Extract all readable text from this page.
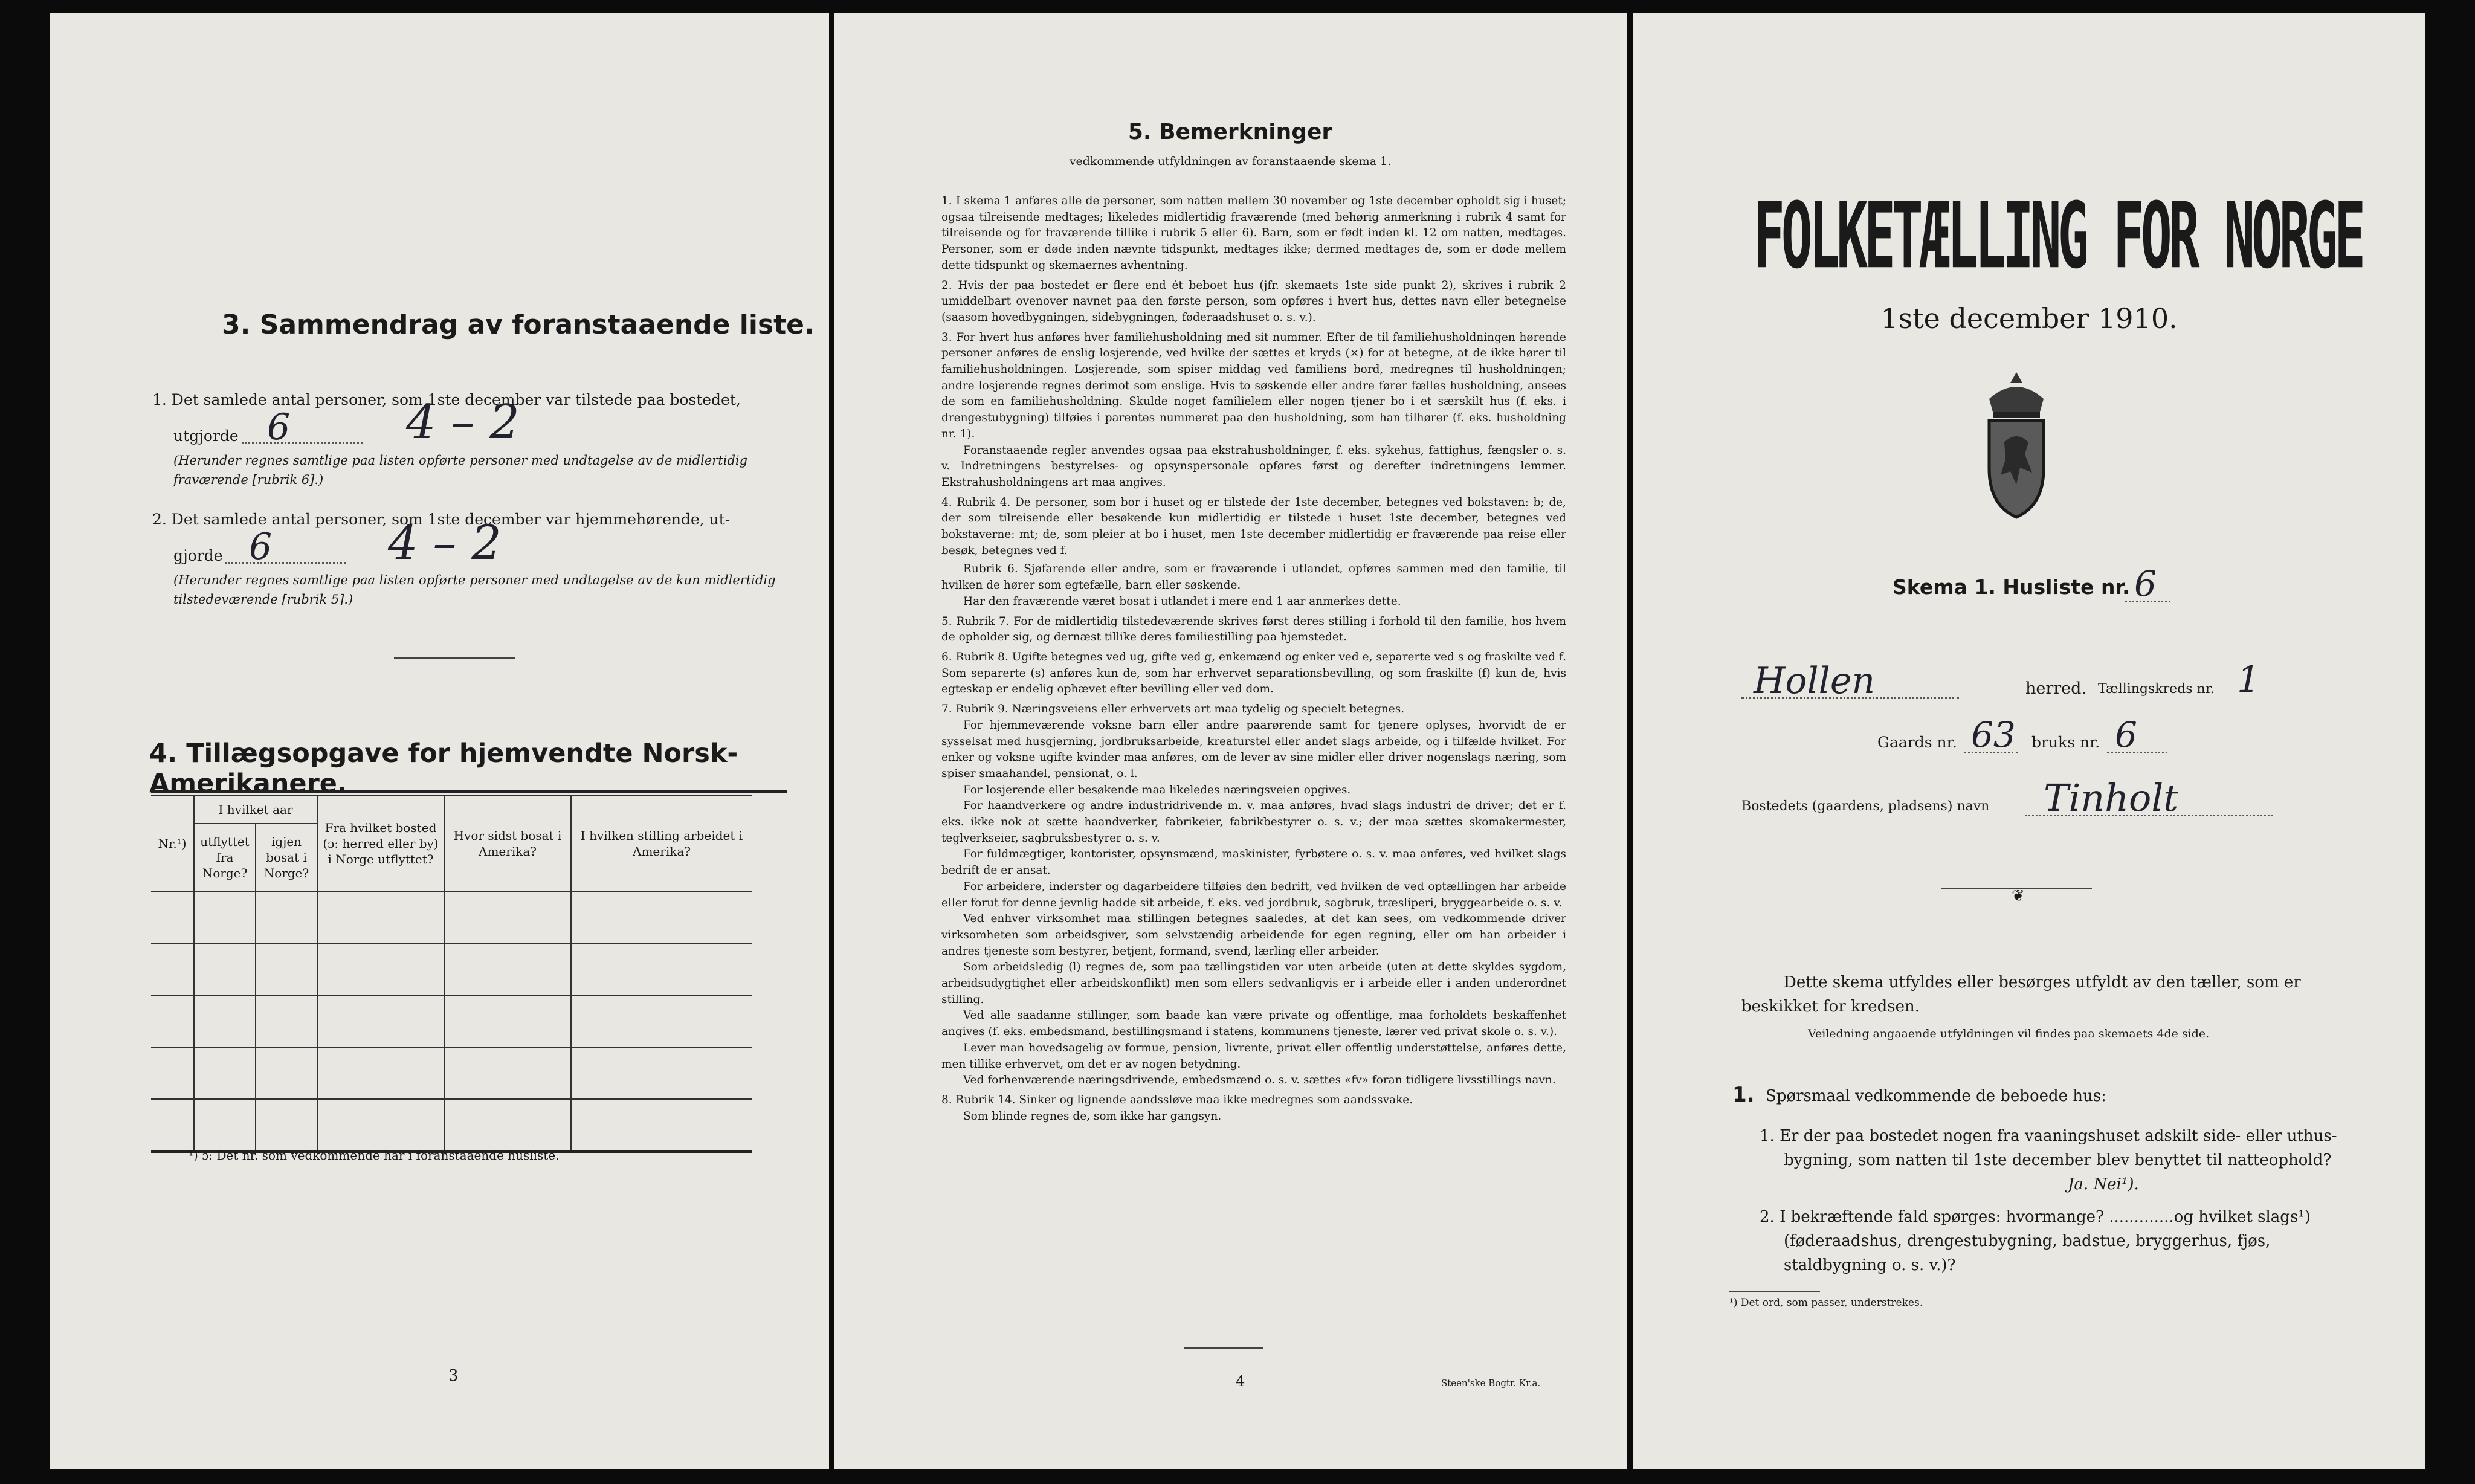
3. Sammendrag av foranstaaende liste.
1. Det samlede antal personer, som 1ste december var tilstede paa bostedet,
utgjorde 6 4 – 2
(Herunder regnes samtlige paa listen opførte personer med undtagelse av de midlertidig fraværende [rubrik 6].)
2. Det samlede antal personer, som 1ste december var hjemmehørende, ut-
gjorde 6 4 – 2
(Herunder regnes samtlige paa listen opførte personer med undtagelse av de kun midlertidig tilstedeværende [rubrik 5].)
4. Tillægsopgave for hjemvendte Norsk-Amerikanere.
Nr.¹)	I hvilket aar		Fra hvilket bosted (ɔ: herred eller by) i Norge utflyttet?	Hvor sidst bosat i Amerika?	I hvilken stilling arbeidet i Amerika?
	utflyttet fra Norge?	igjen bosat i Norge?			

¹) ɔ: Det nr. som vedkommende har i foranstaaende husliste.
3
5. Bemerkninger
vedkommende utfyldningen av foranstaaende skema 1.

1. I skema 1 anføres alle de personer, som natten mellem 30 november og 1ste december opholdt sig i huset; ogsaa tilreisende medtages; likeledes midlertidig fraværende (med behørig anmerkning i rubrik 4 samt for tilreisende og for fraværende tillike i rubrik 5 eller 6). Barn, som er født inden kl. 12 om natten, medtages. Personer, som er døde inden nævnte tidspunkt, medtages ikke; dermed medtages de, som er døde mellem dette tidspunkt og skemaernes avhentning.

2. Hvis der paa bostedet er flere end ét beboet hus (jfr. skemaets 1ste side punkt 2), skrives i rubrik 2 umiddelbart ovenover navnet paa den første person, som opføres i hvert hus, dettes navn eller betegnelse (saasom hovedbygningen, sidebygningen, føderaadshuset o. s. v.).

3. For hvert hus anføres hver familiehusholdning med sit nummer. Efter de til familiehusholdningen hørende personer anføres de enslig losjerende, ved hvilke der sættes et kryds (×) for at betegne, at de ikke hører til familiehusholdningen. Losjerende, som spiser middag ved familiens bord, medregnes til husholdningen; andre losjerende regnes derimot som enslige. Hvis to søskende eller andre fører fælles husholdning, ansees de som en familiehusholdning. Skulde noget familielem eller nogen tjener bo i et særskilt hus (f. eks. i drengestubygning) tilføies i parentes nummeret paa den husholdning, som han tilhører (f. eks. husholdning nr. 1).

Foranstaaende regler anvendes ogsaa paa ekstrahusholdninger, f. eks. sykehus, fattighus, fængsler o. s. v. Indretningens bestyrelses- og opsynspersonale opføres først og derefter indretningens lemmer. Ekstrahusholdningens art maa angives.

4. Rubrik 4. De personer, som bor i huset og er tilstede der 1ste december, betegnes ved bokstaven: b; de, der som tilreisende eller besøkende kun midlertidig er tilstede i huset 1ste december, betegnes ved bokstaverne: mt; de, som pleier at bo i huset, men 1ste december midlertidig er fraværende paa reise eller besøk, betegnes ved f.

Rubrik 6. Sjøfarende eller andre, som er fraværende i utlandet, opføres sammen med den familie, til hvilken de hører som egtefælle, barn eller søskende.

Har den fraværende været bosat i utlandet i mere end 1 aar anmerkes dette.

5. Rubrik 7. For de midlertidig tilstedeværende skrives først deres stilling i forhold til den familie, hos hvem de opholder sig, og dernæst tillike deres familiestilling paa hjemstedet.

6. Rubrik 8. Ugifte betegnes ved ug, gifte ved g, enkemænd og enker ved e, separerte ved s og fraskilte ved f. Som separerte (s) anføres kun de, som har erhvervet separationsbevilling, og som fraskilte (f) kun de, hvis egteskap er endelig ophævet efter bevilling eller ved dom.

7. Rubrik 9. Næringsveiens eller erhvervets art maa tydelig og specielt betegnes.

For hjemmeværende voksne barn eller andre paarørende samt for tjenere oplyses, hvorvidt de er sysselsat med husgjerning, jordbruksarbeide, kreaturstel eller andet slags arbeide, og i tilfælde hvilket. For enker og voksne ugifte kvinder maa anføres, om de lever av sine midler eller driver nogenslags næring, som spiser smaahandel, pensionat, o. l.

For losjerende eller besøkende maa likeledes næringsveien opgives.

For haandverkere og andre industridrivende m. v. maa anføres, hvad slags industri de driver; det er f. eks. ikke nok at sætte haandverker, fabrikeier, fabrikbestyrer o. s. v.; der maa sættes skomakermester, teglverkseier, sagbruksbestyrer o. s. v.

For fuldmægtiger, kontorister, opsynsmænd, maskinister, fyrbøtere o. s. v. maa anføres, ved hvilket slags bedrift de er ansat.

For arbeidere, inderster og dagarbeidere tilføies den bedrift, ved hvilken de ved optællingen har arbeide eller forut for denne jevnlig hadde sit arbeide, f. eks. ved jordbruk, sagbruk, træsliperi, bryggearbeide o. s. v.

Ved enhver virksomhet maa stillingen betegnes saaledes, at det kan sees, om vedkommende driver virksomheten som arbeidsgiver, som selvstændig arbeidende for egen regning, eller om han arbeider i andres tjeneste som bestyrer, betjent, formand, svend, lærling eller arbeider.

Som arbeidsledig (l) regnes de, som paa tællingstiden var uten arbeide (uten at dette skyldes sygdom, arbeidsudygtighet eller arbeidskonflikt) men som ellers sedvanligvis er i arbeide eller i anden underordnet stilling.

Ved alle saadanne stillinger, som baade kan være private og offentlige, maa forholdets beskaffenhet angives (f. eks. embedsmand, bestillingsmand i statens, kommunens tjeneste, lærer ved privat skole o. s. v.).

Lever man hovedsagelig av formue, pension, livrente, privat eller offentlig understøttelse, anføres dette, men tillike erhvervet, om det er av nogen betydning.

Ved forhenværende næringsdrivende, embedsmænd o. s. v. sættes «fv» foran tidligere livsstillings navn.

8. Rubrik 14. Sinker og lignende aandssløve maa ikke medregnes som aandssvake.

Som blinde regnes de, som ikke har gangsyn.

4	Steen'ske Bogtr. Kr.a.
FOLKETÆLLING FOR NORGE
1ste december 1910.
Skema 1. Husliste nr. 6
Hollen	herred. Tællingskreds nr. 1
Gaards nr. 63 bruks nr. 6
Bostedets (gaardens, pladsens) navn Tinholt
❦
Dette skema utfyldes eller besørges utfyldt av den tæller, som er beskikket for kredsen.
Veiledning angaaende utfyldningen vil findes paa skemaets 4de side.
1. Spørsmaal vedkommende de beboede hus:
1. Er der paa bostedet nogen fra vaaningshuset adskilt side- eller uthus-bygning, som natten til 1ste december blev benyttet til natteophold?
Ja. Nei¹).
2. I bekræftende fald spørges: hvormange? .............og hvilket slags¹) (føderaadshus, drengestubygning, badstue, bryggerhus, fjøs, staldbygning o. s. v.)?
¹) Det ord, som passer, understrekes.
